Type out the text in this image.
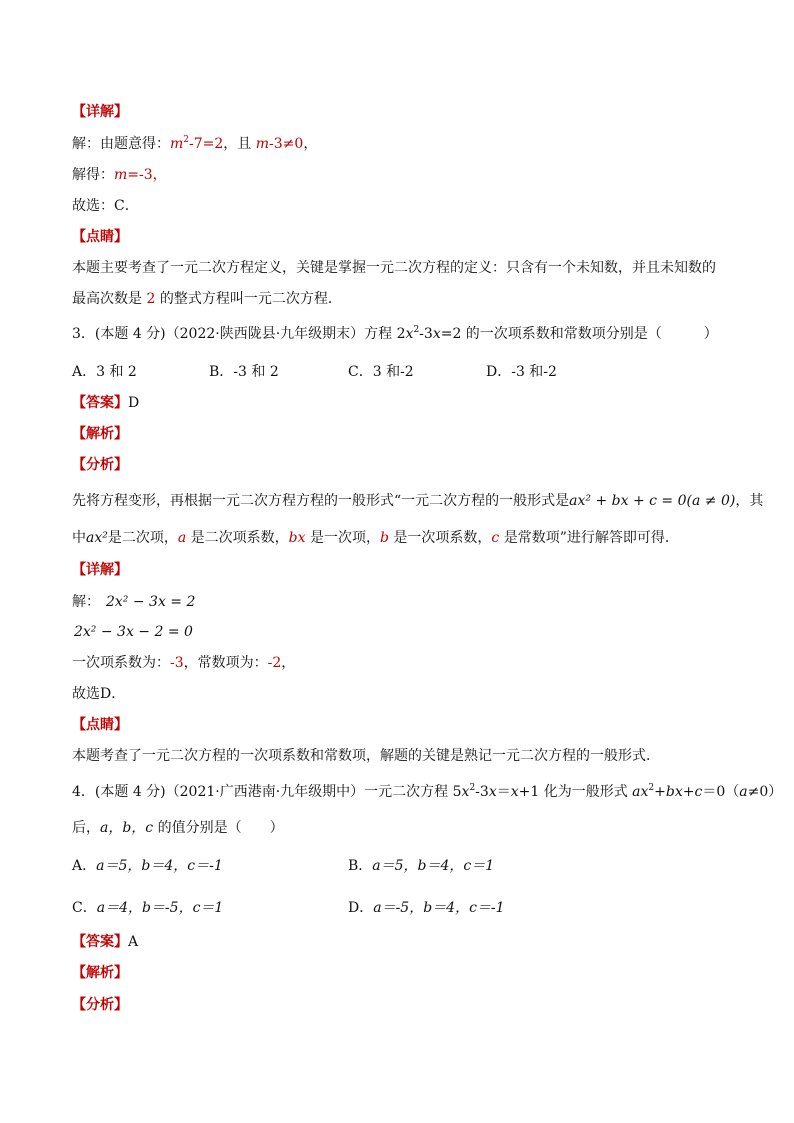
【详解】
解：由题意得：$m^2-7=2$，且 m-3≠0，
解得：m=-3，
故选：C．
【点睛】
本题主要考查了一元二次方程定义，关键是掌握一元二次方程的定义：只含有一个未知数，并且未知数的
最高次数是 2 的整式方程叫一元二次方程．
3．(本题 4 分)（2022·陕西陇县·九年级期末）方程 $2x^2-3x=2$ 的一次项系数和常数项分别是（　　　）
A．3 和 2	B．-3 和 2	C．3 和-2	D．-3 和-2
【答案】D
【解析】
【分析】
先将方程变形，再根据一元二次方程方程的一般形式“一元二次方程的一般形式是ax² + bx + c = 0(a ≠ 0)，其
中ax²是二次项，a 是二次项系数，bx 是一次项，b 是一次项系数，c 是常数项”进行解答即可得．
【详解】
解： 2x² − 3x = 2
2x² − 3x − 2 = 0
一次项系数为：-3，常数项为：-2，
故选D．
【点睛】
本题考查了一元二次方程的一次项系数和常数项，解题的关键是熟记一元二次方程的一般形式．
4．(本题 4 分)（2021·广西港南·九年级期中）一元二次方程 $5x^2-3x=x+1$ 化为一般形式 $ax^2+bx+c=0(a\ne 0)$
后，a，b，c 的值分别是（　　）
A．a＝5，b＝4，c＝-1	B．a＝5，b＝4，c＝1
C．a＝4，b＝-5，c＝1	D．a＝-5，b＝4，c＝-1
【答案】A
【解析】
【分析】
